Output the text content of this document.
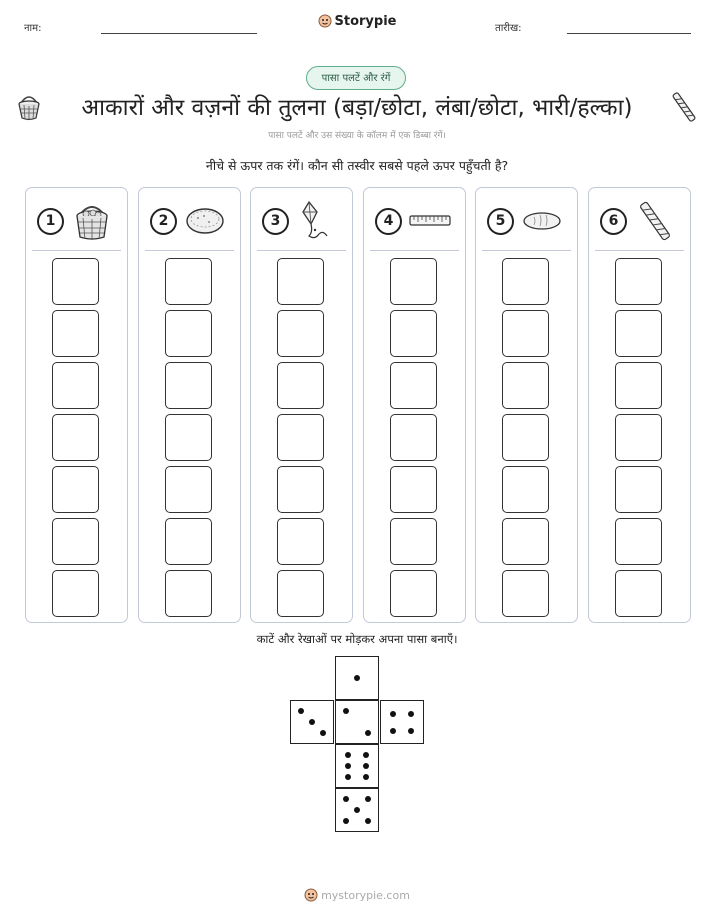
नाम:	Storypie	तारीख:
पासा पलटें और रंगें
आकारों और वज़नों की तुलना (बड़ा/छोटा, लंबा/छोटा, भारी/हल्का)
पासा पलटें और उस संख्या के कॉलम में एक डिब्बा रंगें।
नीचे से ऊपर तक रंगें। कौन सी तस्वीर सबसे पहले ऊपर पहुँचती है?
1	2	3	4	5	6
काटें और रेखाओं पर मोड़कर अपना पासा बनाएँ।
mystorypie.com
